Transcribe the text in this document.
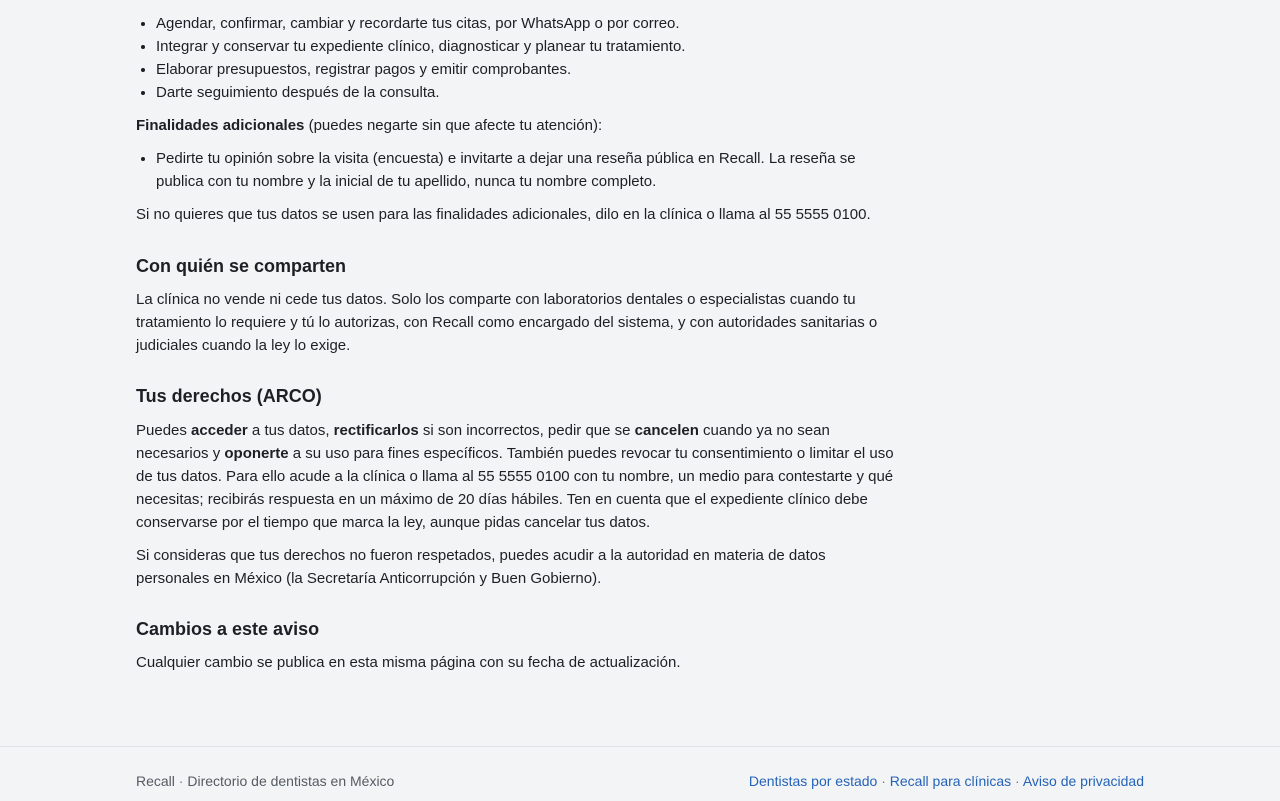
• Agendar, confirmar, cambiar y recordarte tus citas, por WhatsApp o por correo.
• Integrar y conservar tu expediente clínico, diagnosticar y planear tu tratamiento.
• Elaborar presupuestos, registrar pagos y emitir comprobantes.
• Darte seguimiento después de la consulta.

Finalidades adicionales (puedes negarte sin que afecte tu atención):

• Pedirte tu opinión sobre la visita (encuesta) e invitarte a dejar una reseña pública en Recall. La reseña se publica con tu nombre y la inicial de tu apellido, nunca tu nombre completo.

Si no quieres que tus datos se usen para las finalidades adicionales, dilo en la clínica o llama al 55 5555 0100.

Con quién se comparten

La clínica no vende ni cede tus datos. Solo los comparte con laboratorios dentales o especialistas cuando tu tratamiento lo requiere y tú lo autorizas, con Recall como encargado del sistema, y con autoridades sanitarias o judiciales cuando la ley lo exige.

Tus derechos (ARCO)

Puedes acceder a tus datos, rectificarlos si son incorrectos, pedir que se cancelen cuando ya no sean necesarios y oponerte a su uso para fines específicos. También puedes revocar tu consentimiento o limitar el uso de tus datos. Para ello acude a la clínica o llama al 55 5555 0100 con tu nombre, un medio para contestarte y qué necesitas; recibirás respuesta en un máximo de 20 días hábiles. Ten en cuenta que el expediente clínico debe conservarse por el tiempo que marca la ley, aunque pidas cancelar tus datos.

Si consideras que tus derechos no fueron respetados, puedes acudir a la autoridad en materia de datos personales en México (la Secretaría Anticorrupción y Buen Gobierno).

Cambios a este aviso

Cualquier cambio se publica en esta misma página con su fecha de actualización.

Recall · Directorio de dentistas en México	Dentistas por estado · Recall para clínicas · Aviso de privacidad
